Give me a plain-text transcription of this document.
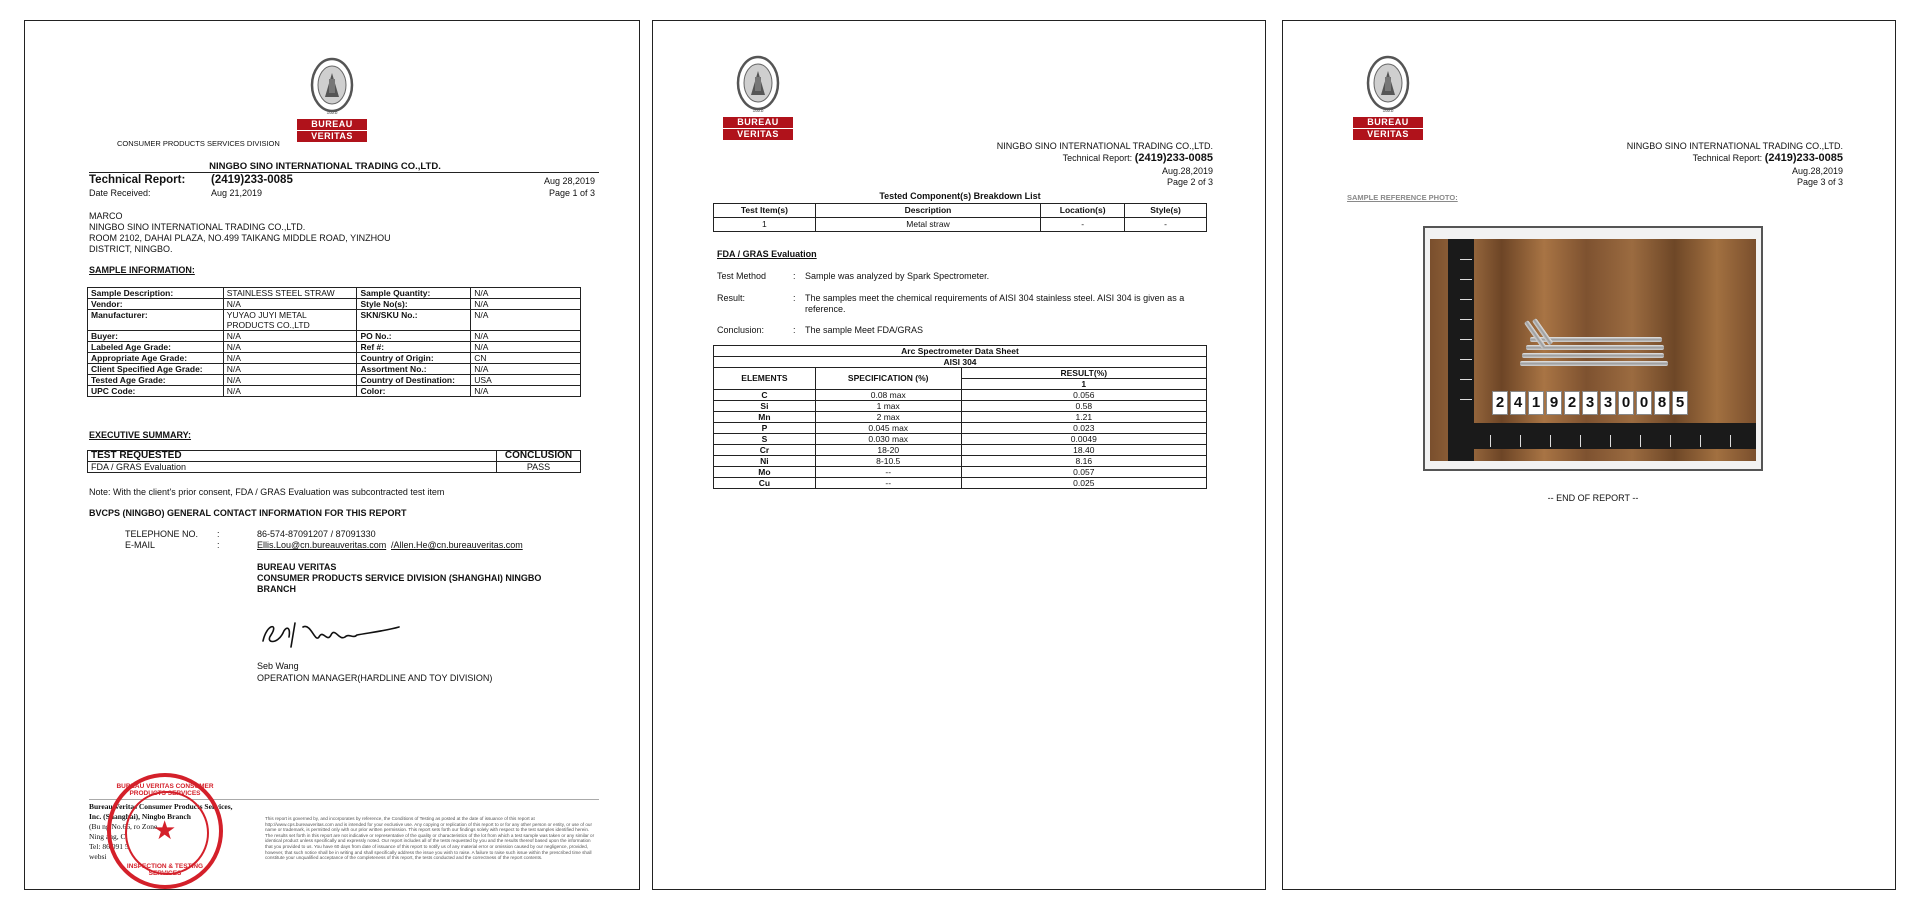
1828
BUREAU
VERITAS
CONSUMER PRODUCTS SERVICES DIVISION
NINGBO SINO INTERNATIONAL TRADING CO.,LTD.
Technical Report: (2419)233-0085	Aug 28,2019
Date Received:	Aug 21,2019	Page 1 of 3
MARCO
NINGBO SINO INTERNATIONAL TRADING CO.,LTD.
ROOM 2102, DAHAI PLAZA, NO.499 TAIKANG MIDDLE ROAD, YINZHOU
DISTRICT, NINGBO.
SAMPLE INFORMATION:
Sample Description:	STAINLESS STEEL STRAW	Sample Quantity:	N/A
Vendor:	N/A	Style No(s):	N/A
Manufacturer:	YUYAO JUYI METAL PRODUCTS CO.,LTD	SKN/SKU No.:	N/A
Buyer:	N/A	PO No.:	N/A
Labeled Age Grade:	N/A	Ref #:	N/A
Appropriate Age Grade:	N/A	Country of Origin:	CN
Client Specified Age Grade:	N/A	Assortment No.:	N/A
Tested Age Grade:	N/A	Country of Destination:	USA
UPC Code:	N/A	Color:	N/A
EXECUTIVE SUMMARY:
TEST REQUESTED	CONCLUSION
FDA / GRAS Evaluation	PASS
Note: With the client's prior consent, FDA / GRAS Evaluation was subcontracted test item
BVCPS (NINGBO) GENERAL CONTACT INFORMATION FOR THIS REPORT
TELEPHONE NO. :	86-574-87091207 / 87091330
E-MAIL	:	Ellis.Lou@cn.bureauveritas.com /Allen.He@cn.bureauveritas.com
BUREAU VERITAS
CONSUMER PRODUCTS SERVICE DIVISION (SHANGHAI) NINGBO
BRANCH
Seb Wang
OPERATION MANAGER(HARDLINE AND TOY DIVISION)
Bureau Veritas Consumer Products Services,
Inc. (Shanghai), Ningbo Branch
(Bu ng No.66, ro Zone,
Ning ang, C
Tel: 86 091 5
websi
This report is governed by, and incorporates by reference, the Conditions of Testing as posted at the date of issuance of this report at http://www.cps.bureauveritas.com and is intended for your exclusive use. Any copying or replication of this report to or for any other person or entity, or use of our name or trademark, is permitted only with our prior written permission. This report sets forth our findings solely with respect to the test samples identified herein. The results set forth in this report are not indicative or representative of the quality or characteristics of the lot from which a test sample was taken or any similar or identical product unless specifically and expressly noted. Our report includes all of the tests requested by you and the results thereof based upon the information that you provided to us. You have 60 days from date of issuance of this report to notify us of any material error or omission caused by our negligence, provided, however, that such notice shall be in writing and shall specifically address the issue you wish to raise. A failure to raise such issue within the prescribed time shall constitute your unqualified acceptance of the completeness of this report, the tests conducted and the correctness of the report contents.
BUREAU VERITAS CONSUMER PRODUCTS SERVICES
★
INSPECTION & TESTING SERVICES
1828
BUREAU
VERITAS
NINGBO SINO INTERNATIONAL TRADING CO.,LTD.
Technical Report: (2419)233-0085
Aug.28,2019
Page 2 of 3
Tested Component(s) Breakdown List
Test Item(s)	Description	Location(s)	Style(s)
1	Metal straw	-	-
FDA / GRAS Evaluation
Test Method	: Sample was analyzed by Spark Spectrometer.
Result:	: The samples meet the chemical requirements of AISI 304 stainless steel. AISI 304 is given as a
reference.
Conclusion:	: The sample Meet FDA/GRAS
Arc Spectrometer Data Sheet		
AISI 304		
ELEMENTS	SPECIFICATION (%)	RESULT(%)
		1
C	0.08 max	0.056
Si	1 max	0.58
Mn	2 max	1.21
P	0.045 max	0.023
S	0.030 max	0.0049
Cr	18-20	18.40
Ni	8-10.5	8.16
Mo	--	0.057
Cu	--	0.025
1828
BUREAU
VERITAS
NINGBO SINO INTERNATIONAL TRADING CO.,LTD.
Technical Report: (2419)233-0085
Aug.28,2019
Page 3 of 3
SAMPLE REFERENCE PHOTO:
2 4 1 9 2 3 3 0 0 8 5
-- END OF REPORT --
